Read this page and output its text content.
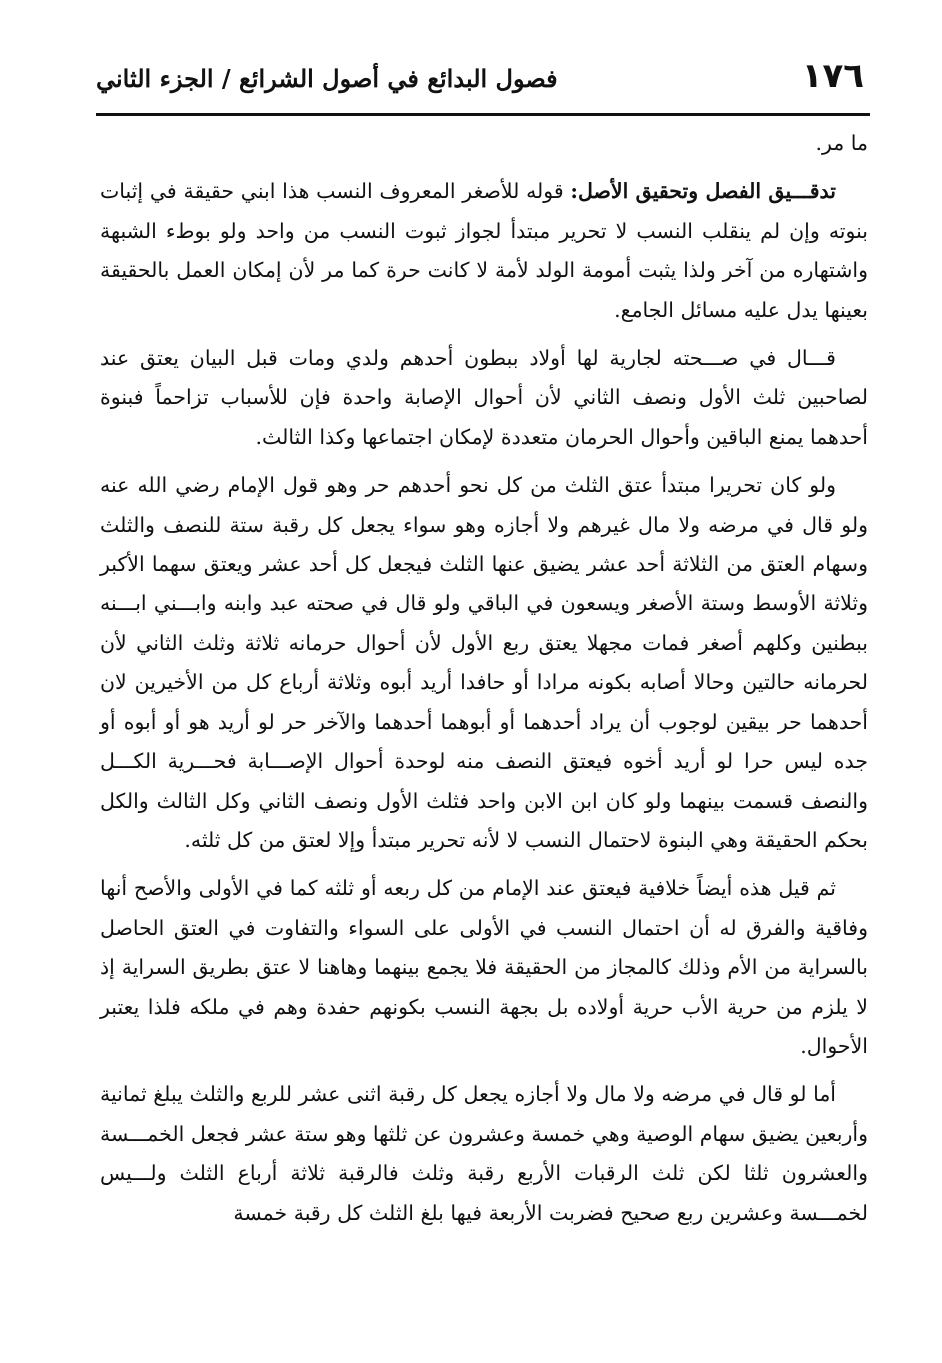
١٧٦
فصول البدائع في أصول الشرائع / الجزء الثاني

ما مر.

تدقـــيق الفصل وتحقيق الأصل: قوله للأصغر المعروف النسب هذا ابني حقيقة في إثبات بنوته وإن لم ينقلب النسب لا تحرير مبتدأ لجواز ثبوت النسب من واحد ولو بوطء الشبهة واشتهاره من آخر ولذا يثبت أمومة الولد لأمة لا كانت حرة كما مر لأن إمكان العمل بالحقيقة بعينها يدل عليه مسائل الجامع.

قـــال في صـــحته لجارية لها أولاد ببطون أحدهم ولدي ومات قبل البيان يعتق عند لصاحبين ثلث الأول ونصف الثاني لأن أحوال الإصابة واحدة فإن للأسباب تزاحماً فبنوة أحدهما يمنع الباقين وأحوال الحرمان متعددة لإمكان اجتماعها وكذا الثالث.

ولو كان تحريرا مبتدأ عتق الثلث من كل نحو أحدهم حر وهو قول الإمام رضي الله عنه ولو قال في مرضه ولا مال غيرهم ولا أجازه وهو سواء يجعل كل رقبة ستة للنصف والثلث وسهام العتق من الثلاثة أحد عشر يضيق عنها الثلث فيجعل كل أحد عشر ويعتق سهما الأكبر وثلاثة الأوسط وستة الأصغر ويسعون في الباقي ولو قال في صحته عبد وابنه وابـــني ابـــنه ببطنين وكلهم أصغر فمات مجهلا يعتق ربع الأول لأن أحوال حرمانه ثلاثة وثلث الثاني لأن لحرمانه حالتين وحالا أصابه بكونه مرادا أو حافدا أريد أبوه وثلاثة أرباع كل من الأخيرين لان أحدهما حر بيقين لوجوب أن يراد أحدهما أو أبوهما أحدهما والآخر حر لو أريد هو أو أبوه أو جده ليس حرا لو أريد أخوه فيعتق النصف منه لوحدة أحوال الإصـــابة فحـــرية الكـــل والنصف قسمت بينهما ولو كان ابن الابن واحد فثلث الأول ونصف الثاني وكل الثالث والكل بحكم الحقيقة وهي البنوة لاحتمال النسب لا لأنه تحرير مبتدأ وإلا لعتق من كل ثلثه.

ثم قيل هذه أيضاً خلافية فيعتق عند الإمام من كل ربعه أو ثلثه كما في الأولى والأصح أنها وفاقية والفرق له أن احتمال النسب في الأولى على السواء والتفاوت في العتق الحاصل بالسراية من الأم وذلك كالمجاز من الحقيقة فلا يجمع بينهما وهاهنا لا عتق بطريق السراية إذ لا يلزم من حرية الأب حرية أولاده بل بجهة النسب بكونهم حفدة وهم في ملكه فلذا يعتبر الأحوال.

أما لو قال في مرضه ولا مال ولا أجازه يجعل كل رقبة اثنى عشر للربع والثلث يبلغ ثمانية وأربعين يضيق سهام الوصية وهي خمسة وعشرون عن ثلثها وهو ستة عشر فجعل الخمـــسة والعشرون ثلثا لكن ثلث الرقبات الأربع رقبة وثلث فالرقبة ثلاثة أرباع الثلث ولـــيس لخمـــسة وعشرين ربع صحيح فضربت الأربعة فيها بلغ الثلث كل رقبة خمسة
